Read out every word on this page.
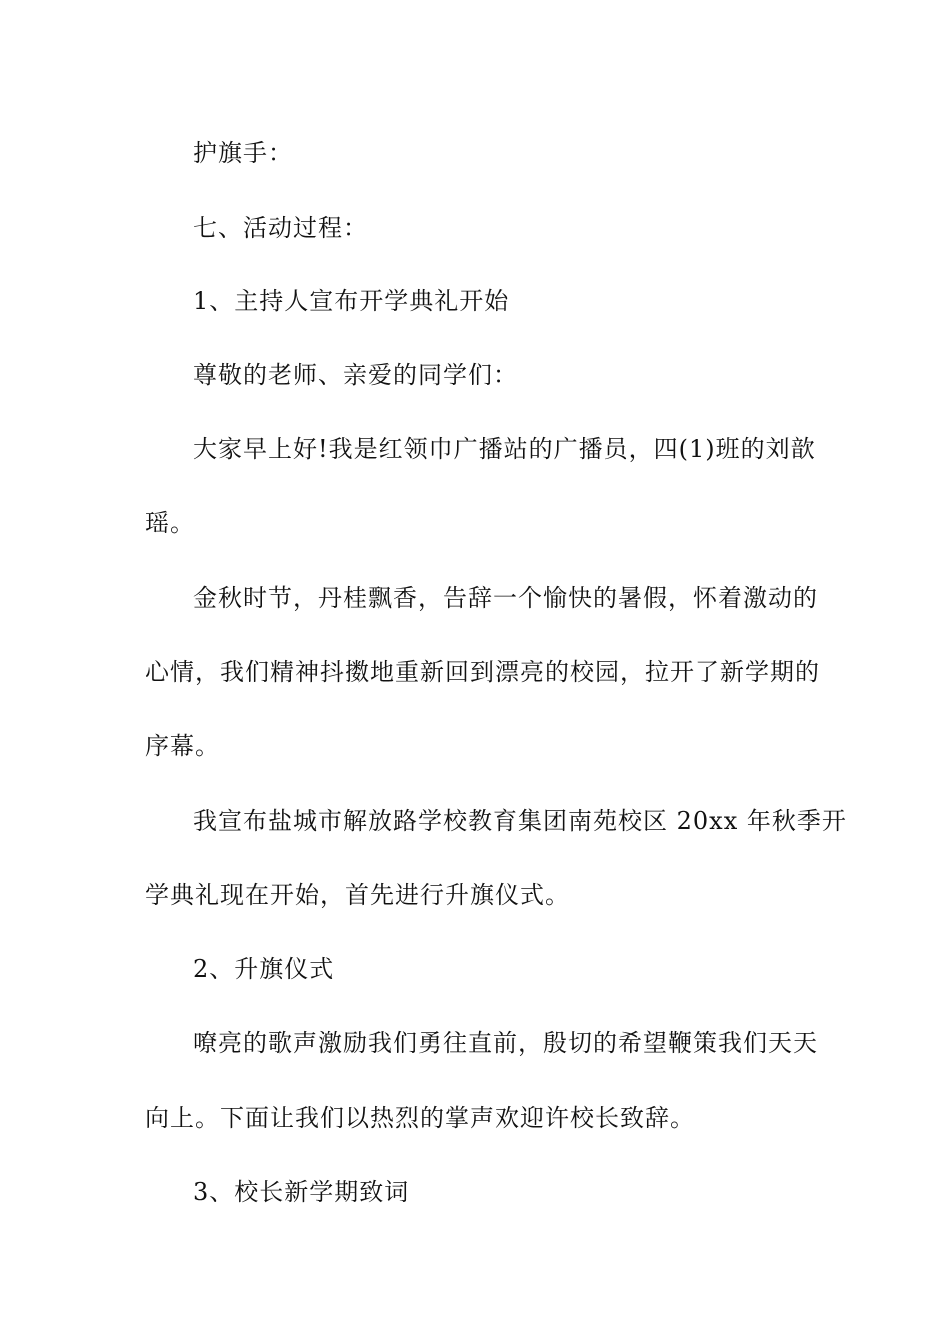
护旗手：
七、活动过程：
1、主持人宣布开学典礼开始
尊敬的老师、亲爱的同学们：
大家早上好!我是红领巾广播站的广播员，四(1)班的刘歆
瑶。
金秋时节，丹桂飘香，告辞一个愉快的暑假，怀着激动的
心情，我们精神抖擞地重新回到漂亮的校园，拉开了新学期的
序幕。
我宣布盐城市解放路学校教育集团南苑校区 20xx 年秋季开
学典礼现在开始，首先进行升旗仪式。
2、升旗仪式
嘹亮的歌声激励我们勇往直前，殷切的希望鞭策我们天天
向上。下面让我们以热烈的掌声欢迎许校长致辞。
3、校长新学期致词
